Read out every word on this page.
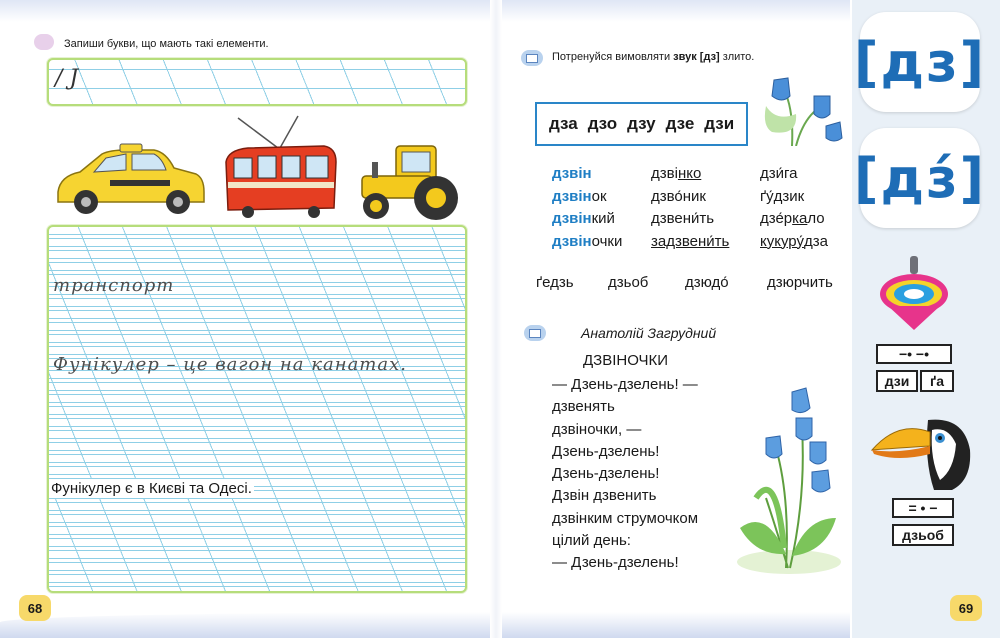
Запиши букви, що мають такі елементи.
/ J
транспорт
Фунікулер – це вагон на канатах.
Фунікулер є в Києві та Одесі.
68
Потренуйся вимовляти звук [дз] злито.
дза дзо дзу дзе дзи
дзвін
дзвінок
дзвінкий
дзвіночки
дзвінко
дзво́ник
дзвени́ть
задзвени́ть
дзи́га
ґу́дзик
дзе́ркало
кукуру́дза
ґедзь дзьоб дзюдо́	дзюрчить
Анатолій Загрудний
ДЗВІНОЧКИ
— Дзень-дзелень! —
дзвенять
дзвіночки, —
Дзень-дзелень!
Дзень-дзелень!
Дзвін дзвенить
дзвінким струмочком
цілий день:
— Дзень-дзелень!
69
[дз]
[дз́]
−• −•
дзи	ґа
= • −
дзьоб
